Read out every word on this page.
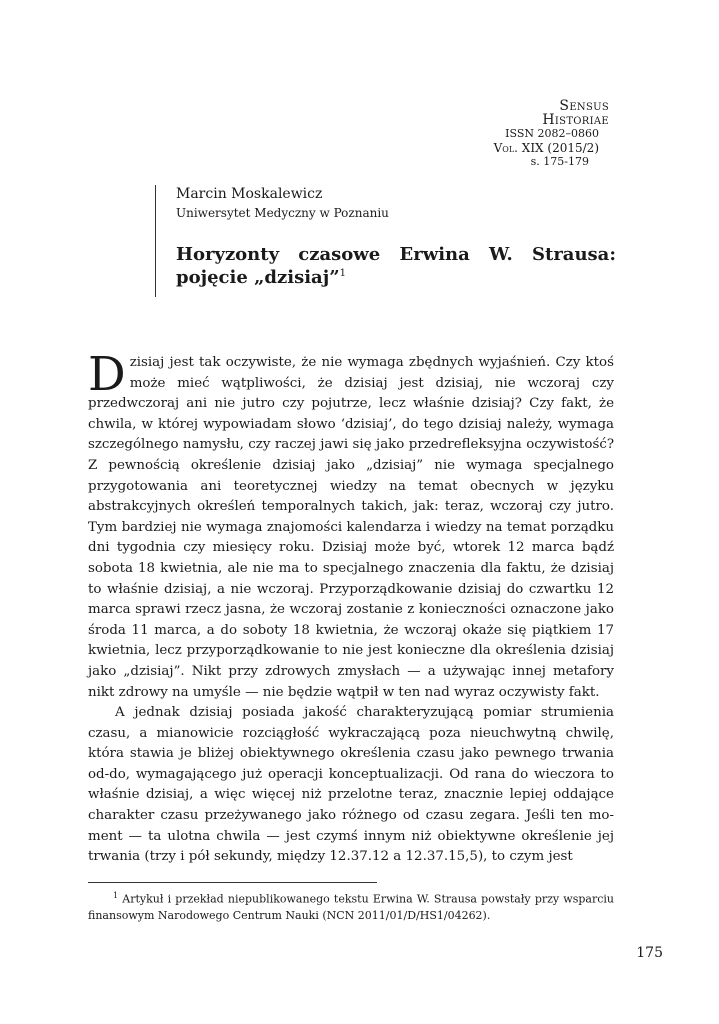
Sensus
Historiae
ISSN 2082–0860
Vol. XIX (2015/2)
s. 175-179
Marcin Moskalewicz
Uniwersytet Medyczny w Poznaniu
Horyzonty czasowe Erwina W. Strausa: pojęcie „dzisiaj”$^1$

Dzisiaj jest tak oczywiste, że nie wymaga zbędnych wyjaśnień. Czy ktoś może mieć wątpliwości, że dzisiaj jest dzisiaj, nie wczoraj czy przedwczoraj ani nie jutro czy pojutrze, lecz właśnie dzisiaj? Czy fakt, że chwila, w której wypowiadam słowo ‘dzisiaj’, do tego dzisiaj należy, wymaga szczególnego namysłu, czy raczej jawi się jako przedrefleksyjna oczywistość? Z pewnością określenie dzisiaj jako „dzisiaj” nie wymaga specjalnego przygotowania ani teoretycznej wiedzy na temat obecnych w języku abstrakcyjnych określeń temporalnych takich, jak: teraz, wczoraj czy jutro. Tym bardziej nie wymaga znajomości kalendarza i wiedzy na temat porządku dni tygodnia czy miesięcy roku. Dzisiaj może być, wtorek 12 marca bądź sobota 18 kwietnia, ale nie ma to specjalnego znaczenia dla faktu, że dzisiaj to właśnie dzisiaj, a nie wczoraj. Przyporządkowanie dzisiaj do czwartku 12 marca sprawi rzecz jasna, że wczoraj zostanie z konieczności oznaczone jako środa 11 marca, a do soboty 18 kwietnia, że wczoraj okaże się piątkiem 17 kwietnia, lecz przyporządkowanie to nie jest konieczne dla określenia dzisiaj jako „dzisiaj”. Nikt przy zdrowych zmysłach — a używając innej metafory nikt zdrowy na umyśle — nie będzie wątpił w ten nad wyraz oczywisty fakt.

A jednak dzisiaj posiada jakość charakteryzującą pomiar strumienia czasu, a mianowicie rozciągłość wykraczającą poza nieuchwytną chwilę, która stawia je bliżej obiektywnego określenia czasu jako pewnego trwania od-do, wymagającego już operacji konceptualizacji. Od rana do wieczora to właśnie dzisiaj, a więc więcej niż przelotne teraz, znacznie lepiej oddające charakter czasu przeżywanego jako różnego od czasu zegara. Jeśli ten moment — ta ulotna chwila — jest czymś innym niż obiektywne określenie jej trwania (trzy i pół sekundy, między 12.37.12 a 12.37.15,5), to czym jest

$^1$ Artykuł i przekład niepublikowanego tekstu Erwina W. Strausa powstały przy wsparciu finansowym Narodowego Centrum Nauki (NCN 2011/01/D/HS1/04262).
175
